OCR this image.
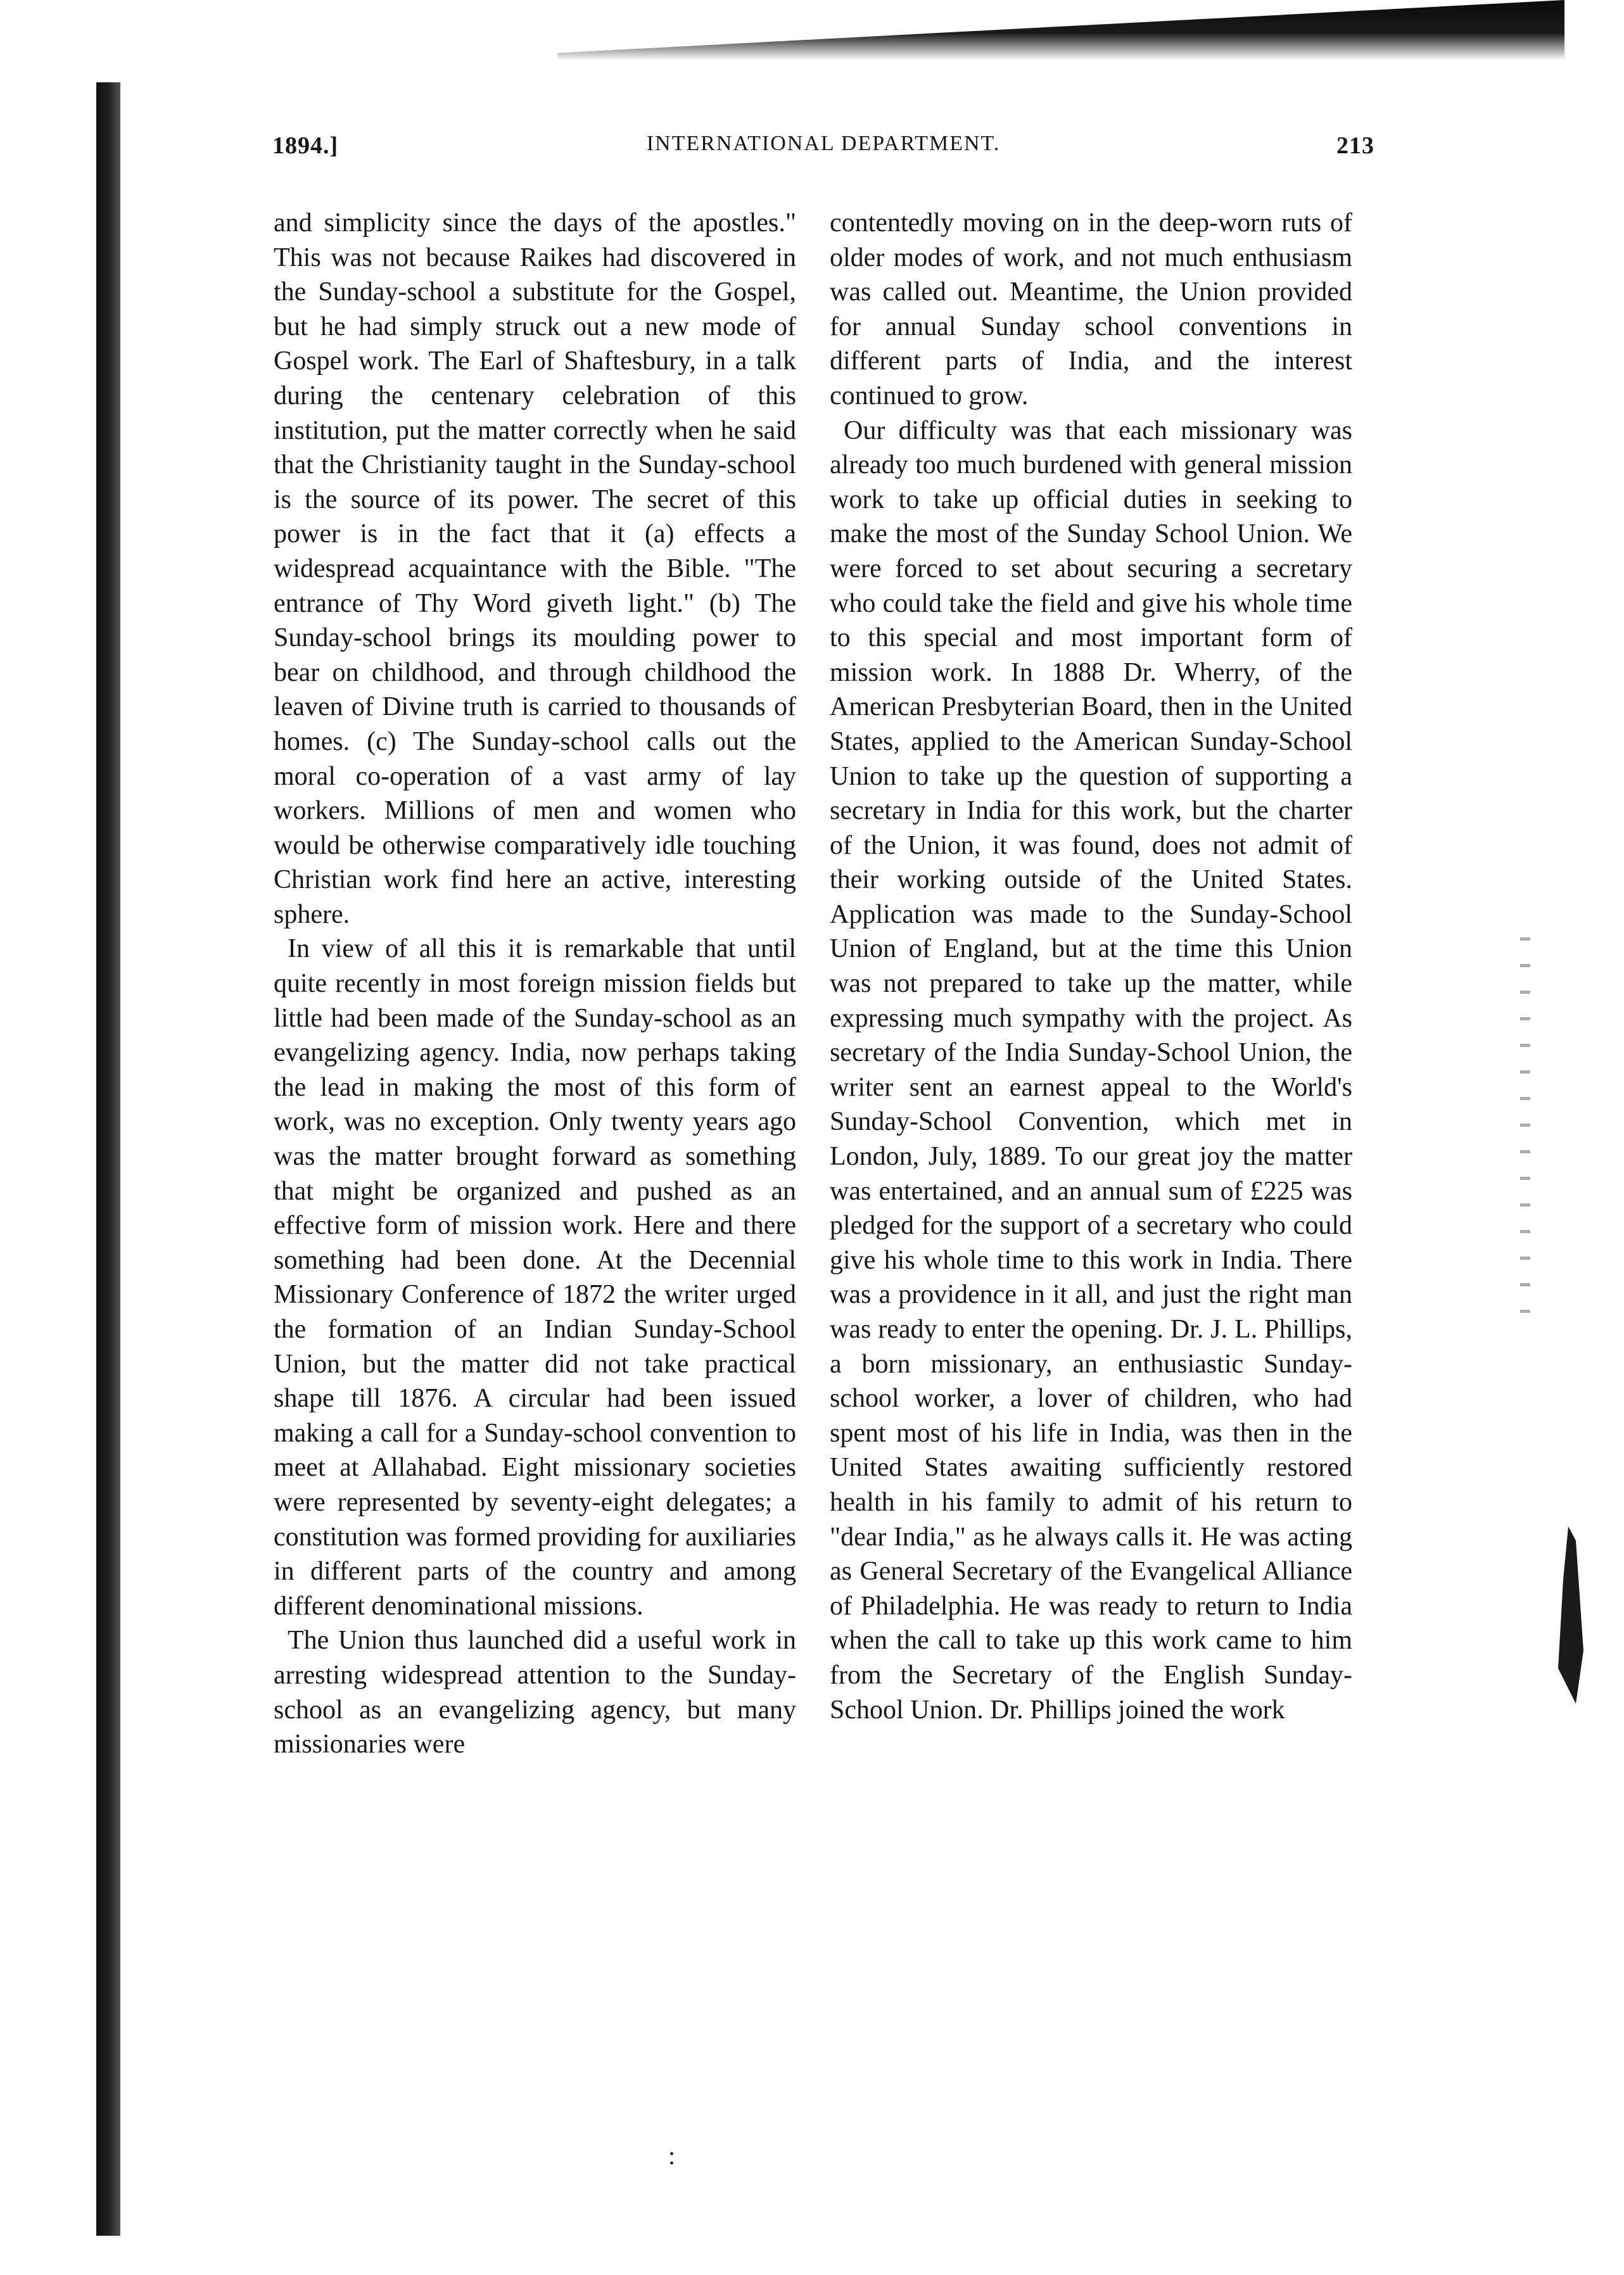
1894.]	INTERNATIONAL DEPARTMENT.	213

and simplicity since the days of the apostles." This was not because Raikes had discovered in the Sunday-school a substitute for the Gospel, but he had simply struck out a new mode of Gospel work. The Earl of Shaftesbury, in a talk during the centenary celebration of this institution, put the matter correctly when he said that the Christianity taught in the Sunday-school is the source of its power. The secret of this power is in the fact that it (a) effects a widespread acquaintance with the Bible. "The entrance of Thy Word giveth light." (b) The Sunday-school brings its moulding power to bear on childhood, and through childhood the leaven of Divine truth is carried to thousands of homes. (c) The Sunday-school calls out the moral co-operation of a vast army of lay workers. Millions of men and women who would be otherwise comparatively idle touching Christian work find here an active, interesting sphere.

In view of all this it is remarkable that until quite recently in most foreign mission fields but little had been made of the Sunday-school as an evangelizing agency. India, now perhaps taking the lead in making the most of this form of work, was no exception. Only twenty years ago was the matter brought forward as something that might be organized and pushed as an effective form of mission work. Here and there something had been done. At the Decennial Missionary Conference of 1872 the writer urged the formation of an Indian Sunday-School Union, but the matter did not take practical shape till 1876. A circular had been issued making a call for a Sunday-school convention to meet at Allahabad. Eight missionary societies were represented by seventy-eight delegates; a constitution was formed providing for auxiliaries in different parts of the country and among different denominational missions.

The Union thus launched did a useful work in arresting widespread attention to the Sunday-school as an evangelizing agency, but many missionaries were

contentedly moving on in the deep-worn ruts of older modes of work, and not much enthusiasm was called out. Meantime, the Union provided for annual Sunday school conventions in different parts of India, and the interest continued to grow.

Our difficulty was that each missionary was already too much burdened with general mission work to take up official duties in seeking to make the most of the Sunday School Union. We were forced to set about securing a secretary who could take the field and give his whole time to this special and most important form of mission work. In 1888 Dr. Wherry, of the American Presbyterian Board, then in the United States, applied to the American Sunday-School Union to take up the question of supporting a secretary in India for this work, but the charter of the Union, it was found, does not admit of their working outside of the United States. Application was made to the Sunday-School Union of England, but at the time this Union was not prepared to take up the matter, while expressing much sympathy with the project. As secretary of the India Sunday-School Union, the writer sent an earnest appeal to the World's Sunday-School Convention, which met in London, July, 1889. To our great joy the matter was entertained, and an annual sum of £225 was pledged for the support of a secretary who could give his whole time to this work in India. There was a providence in it all, and just the right man was ready to enter the opening. Dr. J. L. Phillips, a born missionary, an enthusiastic Sunday-school worker, a lover of children, who had spent most of his life in India, was then in the United States awaiting sufficiently restored health in his family to admit of his return to "dear India," as he always calls it. He was acting as General Secretary of the Evangelical Alliance of Philadelphia. He was ready to return to India when the call to take up this work came to him from the Secretary of the English Sunday-School Union. Dr. Phillips joined the work

:
